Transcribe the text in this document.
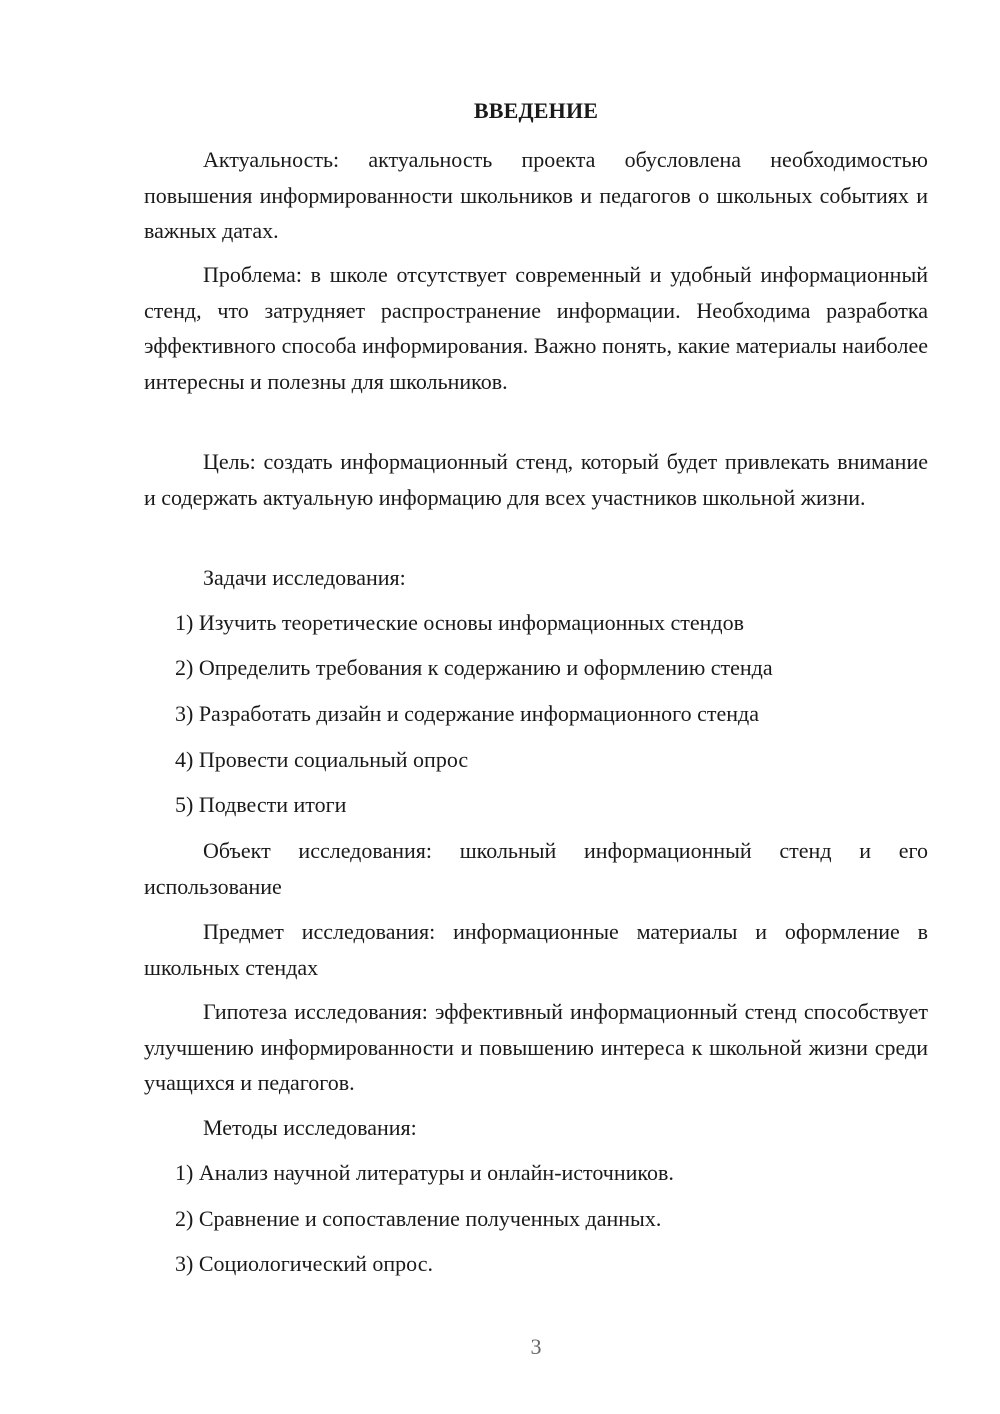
ВВЕДЕНИЕ

Актуальность: актуальность проекта обусловлена необходимостью повышения информированности школьников и педагогов о школьных событиях и важных датах.

Проблема: в школе отсутствует современный и удобный информационный стенд, что затрудняет распространение информации. Необходима разработка эффективного способа информирования. Важно понять, какие материалы наиболее интересны и полезны для школьников.

Цель: создать информационный стенд, который будет привлекать внимание и содержать актуальную информацию для всех участников школьной жизни.

Задачи исследования:

1) Изучить теоретические основы информационных стендов

2) Определить требования к содержанию и оформлению стенда

3) Разработать дизайн и содержание информационного стенда

4) Провести социальный опрос

5) Подвести итоги

Объект исследования: школьный информационный стенд и его использование

Предмет исследования: информационные материалы и оформление в школьных стендах

Гипотеза исследования: эффективный информационный стенд способствует улучшению информированности и повышению интереса к школьной жизни среди учащихся и педагогов.

Методы исследования:

1) Анализ научной литературы и онлайн-источников.

2) Сравнение и сопоставление полученных данных.

3) Социологический опрос.

3
